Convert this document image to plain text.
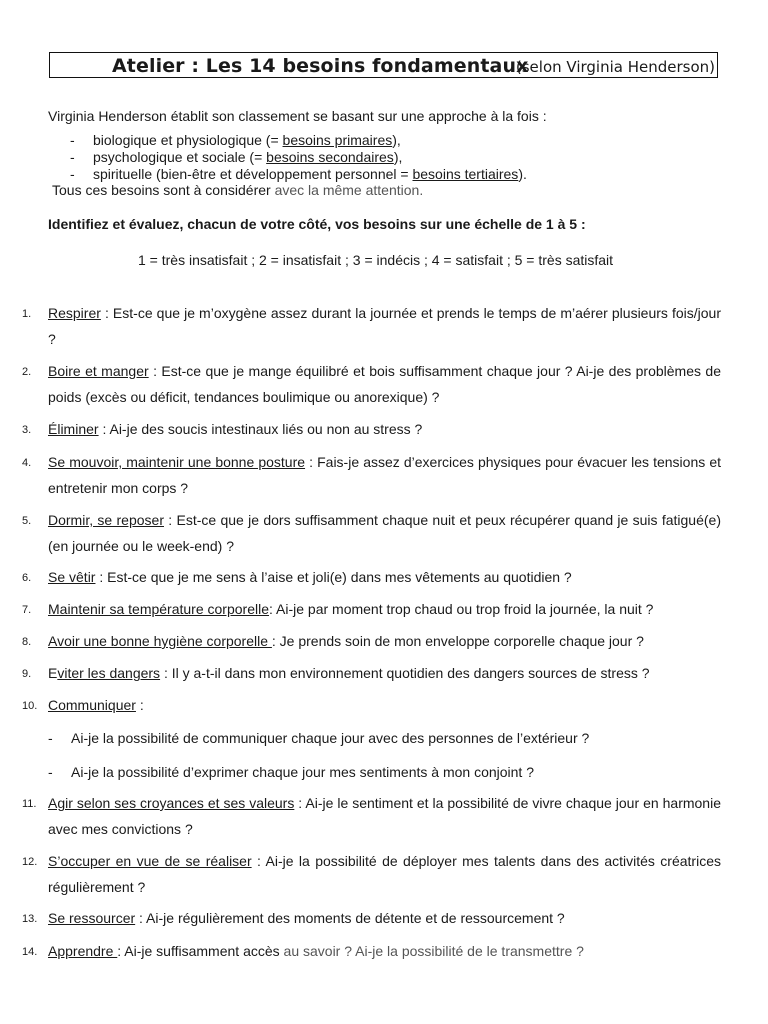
Atelier : Les 14 besoins fondamentaux
(selon Virginia Henderson)
Virginia Henderson établit son classement se basant sur une approche à la fois :
- biologique et physiologique (= besoins primaires),
- psychologique et sociale (= besoins secondaires),
- spirituelle (bien-être et développement personnel = besoins tertiaires).
Tous ces besoins sont à considérer avec la même attention.
Identifiez et évaluez, chacun de votre côté, vos besoins sur une échelle de 1 à 5 :
1 = très insatisfait ; 2 = insatisfait ; 3 = indécis ; 4 = satisfait ; 5 = très satisfait
1. Respirer : Est-ce que je m’oxygène assez durant la journée et prends le temps de m’aérer plusieurs fois/jour ?
2. Boire et manger : Est-ce que je mange équilibré et bois suffisamment chaque jour ? Ai-je des problèmes de poids (excès ou déficit, tendances boulimique ou anorexique) ?
3. Éliminer : Ai-je des soucis intestinaux liés ou non au stress ?
4. Se mouvoir, maintenir une bonne posture : Fais-je assez d’exercices physiques pour évacuer les tensions et entretenir mon corps ?
5. Dormir, se reposer : Est-ce que je dors suffisamment chaque nuit et peux récupérer quand je suis fatigué(e) (en journée ou le week-end) ?
6. Se vêtir : Est-ce que je me sens à l’aise et joli(e) dans mes vêtements au quotidien ?
7. Maintenir sa température corporelle: Ai-je par moment trop chaud ou trop froid la journée, la nuit ?
8. Avoir une bonne hygiène corporelle : Je prends soin de mon enveloppe corporelle chaque jour ?
9. Eviter les dangers : Il y a-t-il dans mon environnement quotidien des dangers sources de stress ?
10. Communiquer :
- Ai-je la possibilité de communiquer chaque jour avec des personnes de l’extérieur ?
- Ai-je la possibilité d’exprimer chaque jour mes sentiments à mon conjoint ?
11. Agir selon ses croyances et ses valeurs : Ai-je le sentiment et la possibilité de vivre chaque jour en harmonie avec mes convictions ?
12. S’occuper en vue de se réaliser : Ai-je la possibilité de déployer mes talents dans des activités créatrices régulièrement ?
13. Se ressourcer : Ai-je régulièrement des moments de détente et de ressourcement ?
14. Apprendre : Ai-je suffisamment accès au savoir ? Ai-je la possibilité de le transmettre ?
